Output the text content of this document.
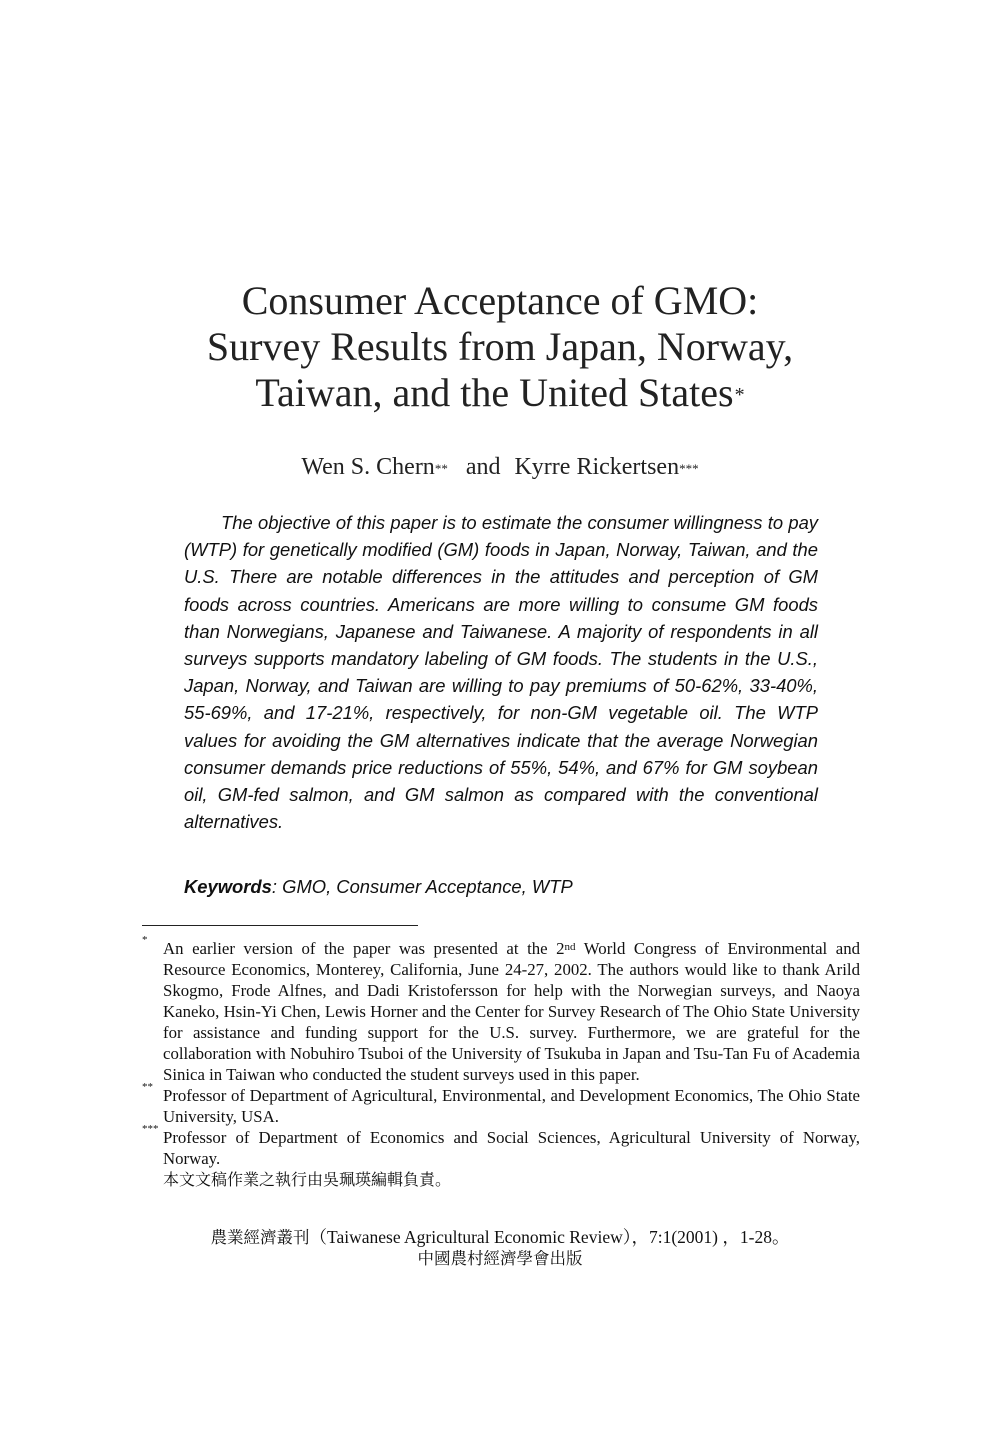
Consumer Acceptance of GMO:
Survey Results from Japan, Norway,
Taiwan, and the United States*
Wen S. Chern** and Kyrre Rickertsen***

The objective of this paper is to estimate the consumer willingness to pay (WTP) for genetically modified (GM) foods in Japan, Norway, Taiwan, and the U.S. There are notable differences in the attitudes and perception of GM foods across countries. Americans are more willing to consume GM foods than Norwegians, Japanese and Taiwanese. A majority of respondents in all surveys supports mandatory labeling of GM foods. The students in the U.S., Japan, Norway, and Taiwan are willing to pay premiums of 50-62%, 33-40%, 55-69%, and 17-21%, respectively, for non-GM vegetable oil. The WTP values for avoiding the GM alternatives indicate that the average Norwegian consumer demands price reductions of 55%, 54%, and 67% for GM soybean oil, GM-fed salmon, and GM salmon as compared with the conventional alternatives.

Keywords: GMO, Consumer Acceptance, WTP
* An earlier version of the paper was presented at the 2nd World Congress of Environmental and Resource Economics, Monterey, California, June 24-27, 2002. The authors would like to thank Arild Skogmo, Frode Alfnes, and Dadi Kristofersson for help with the Norwegian surveys, and Naoya Kaneko, Hsin-Yi Chen, Lewis Horner and the Center for Survey Research of The Ohio State University for assistance and funding support for the U.S. survey. Furthermore, we are grateful for the collaboration with Nobuhiro Tsuboi of the University of Tsukuba in Japan and Tsu-Tan Fu of Academia Sinica in Taiwan who conducted the student surveys used in this paper.
** Professor of Department of Agricultural, Environmental, and Development Economics, The Ohio State University, USA.
*** Professor of Department of Economics and Social Sciences, Agricultural University of Norway, Norway.
本文文稿作業之執行由吳珮瑛編輯負責。
農業經濟叢刊（Taiwanese Agricultural Economic Review），7:1(2001) ，1-28。
中國農村經濟學會出版
